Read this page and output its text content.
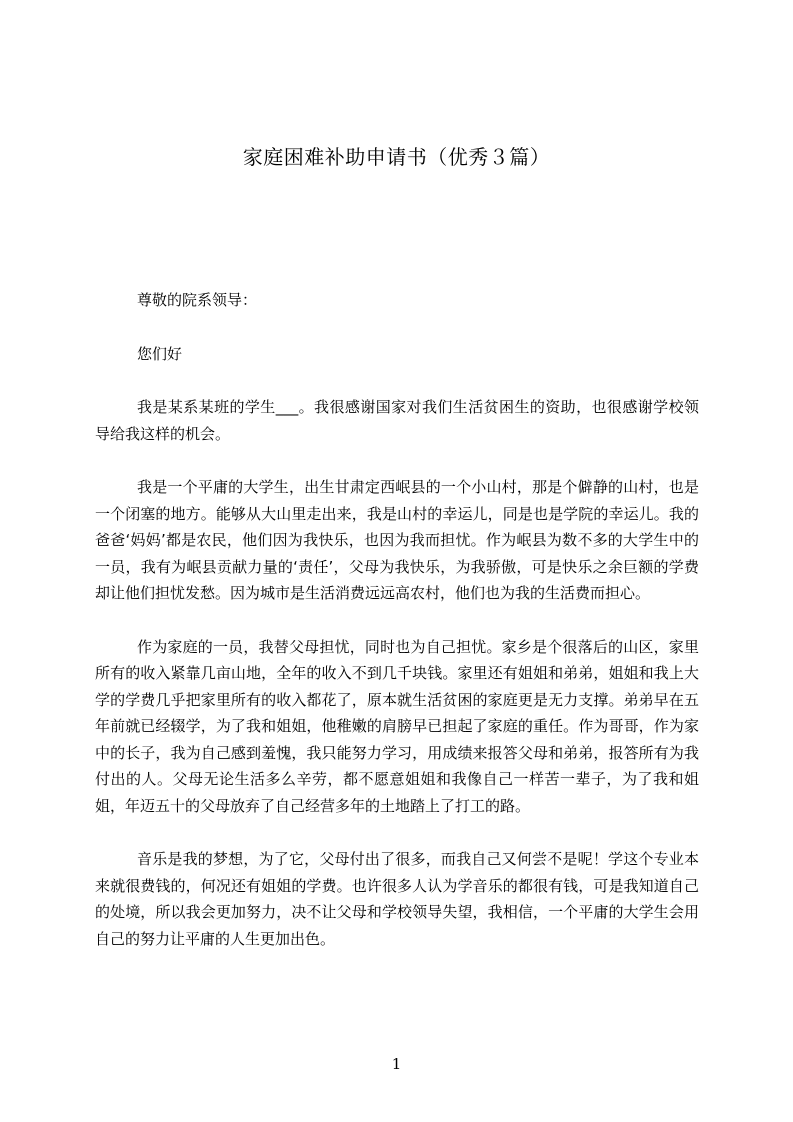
家庭困难补助申请书（优秀３篇）

尊敬的院系领导：

您们好

我是某系某班的学生___。我很感谢国家对我们生活贫困生的资助，也很感谢学校领导给我这样的机会。

我是一个平庸的大学生，出生甘肃定西岷县的一个小山村，那是个僻静的山村，也是一个闭塞的地方。能够从大山里走出来，我是山村的幸运儿，同是也是学院的幸运儿。我的爸爸‘妈妈’都是农民，他们因为我快乐，也因为我而担忧。作为岷县为数不多的大学生中的一员，我有为岷县贡献力量的‘责任’，父母为我快乐，为我骄傲，可是快乐之余巨额的学费却让他们担忧发愁。因为城市是生活消费远远高农村，他们也为我的生活费而担心。

作为家庭的一员，我替父母担忧，同时也为自己担忧。家乡是个很落后的山区，家里所有的收入紧靠几亩山地，全年的收入不到几千块钱。家里还有姐姐和弟弟，姐姐和我上大学的学费几乎把家里所有的收入都花了，原本就生活贫困的家庭更是无力支撑。弟弟早在五年前就已经辍学，为了我和姐姐，他稚嫩的肩膀早已担起了家庭的重任。作为哥哥，作为家中的长子，我为自己感到羞愧，我只能努力学习，用成绩来报答父母和弟弟，报答所有为我付出的人。父母无论生活多么辛劳，都不愿意姐姐和我像自己一样苦一辈子，为了我和姐姐，年迈五十的父母放弃了自己经营多年的土地踏上了打工的路。

音乐是我的梦想，为了它，父母付出了很多，而我自己又何尝不是呢！学这个专业本来就很费钱的，何况还有姐姐的学费。也许很多人认为学音乐的都很有钱，可是我知道自己的处境，所以我会更加努力，决不让父母和学校领导失望，我相信，一个平庸的大学生会用自己的努力让平庸的人生更加出色。

1
